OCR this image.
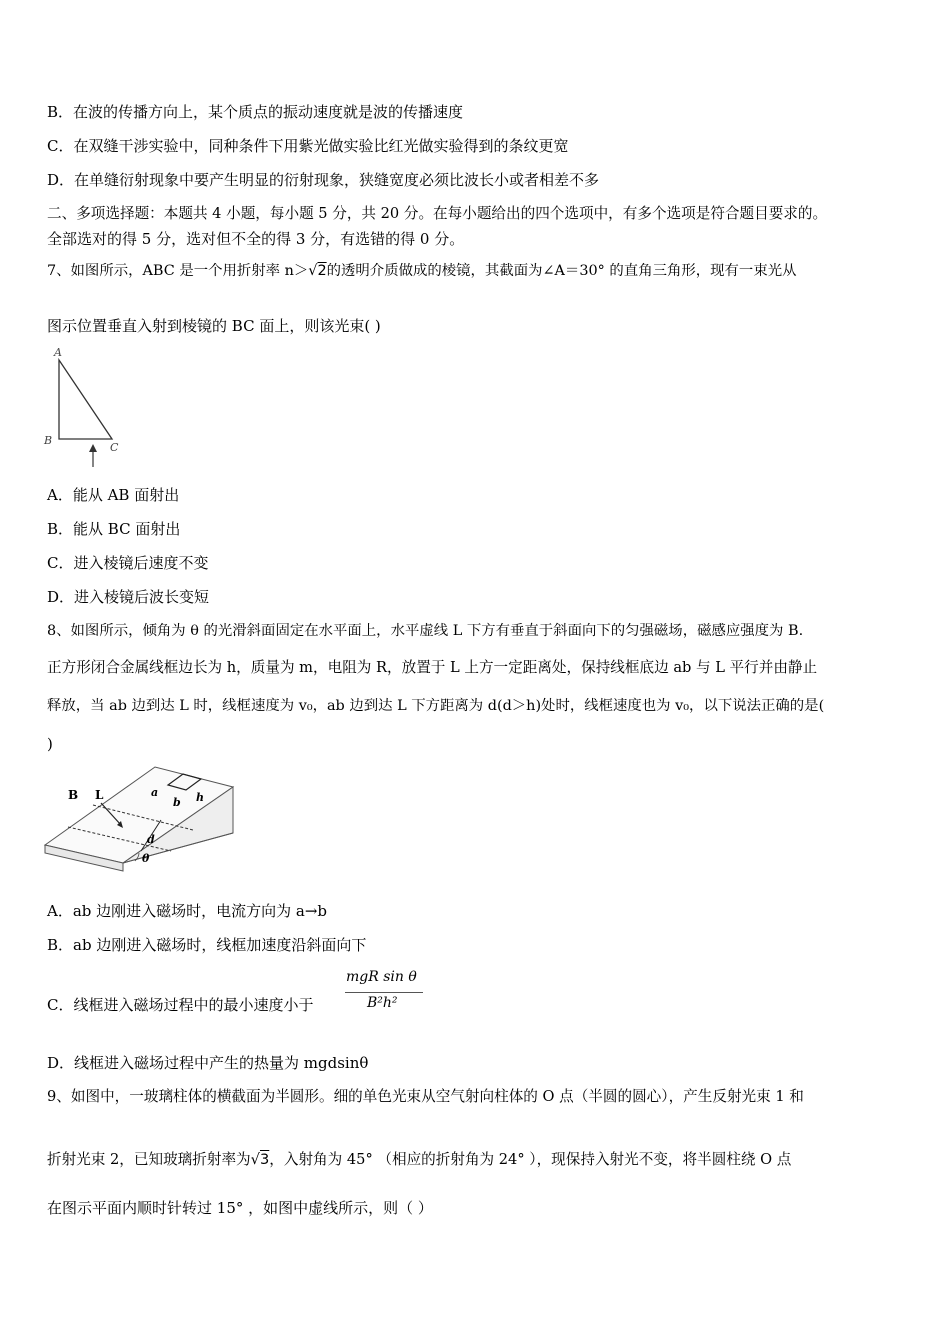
B．在波的传播方向上，某个质点的振动速度就是波的传播速度
C．在双缝干涉实验中，同种条件下用紫光做实验比红光做实验得到的条纹更宽
D．在单缝衍射现象中要产生明显的衍射现象，狭缝宽度必须比波长小或者相差不多
二、多项选择题：本题共 4 小题，每小题 5 分，共 20 分。在每小题给出的四个选项中，有多个选项是符合题目要求的。
全部选对的得 5 分，选对但不全的得 3 分，有选错的得 0 分。
7、如图所示，ABC 是一个用折射率 n＞√2的透明介质做成的棱镜，其截面为∠A＝30° 的直角三角形，现有一束光从
图示位置垂直入射到棱镜的 BC 面上，则该光束( )
A
B
C
A．能从 AB 面射出
B．能从 BC 面射出
C．进入棱镜后速度不变
D．进入棱镜后波长变短
8、如图所示，倾角为 θ 的光滑斜面固定在水平面上，水平虚线 L 下方有垂直于斜面向下的匀强磁场，磁感应强度为 B.
正方形闭合金属线框边长为 h，质量为 m，电阻为 R，放置于 L 上方一定距离处，保持线框底边 ab 与 L 平行并由静止
释放，当 ab 边到达 L 时，线框速度为 v₀，ab 边到达 L 下方距离为 d(d＞h)处时，线框速度也为 v₀，以下说法正确的是(
)
B L	a
b h
d
θ
A．ab 边刚进入磁场时，电流方向为 a→b
B．ab 边刚进入磁场时，线框加速度沿斜面向下
C．线框进入磁场过程中的最小速度小于
mgR sin θ
B²h²
D．线框进入磁场过程中产生的热量为 mgdsinθ
9、如图中，一玻璃柱体的横截面为半圆形。细的单色光束从空气射向柱体的 O 点（半圆的圆心），产生反射光束 1 和
折射光束 2，已知玻璃折射率为√3，入射角为 45° （相应的折射角为 24° ），现保持入射光不变，将半圆柱绕 O 点
在图示平面内顺时针转过 15° ，如图中虚线所示，则（ ）
